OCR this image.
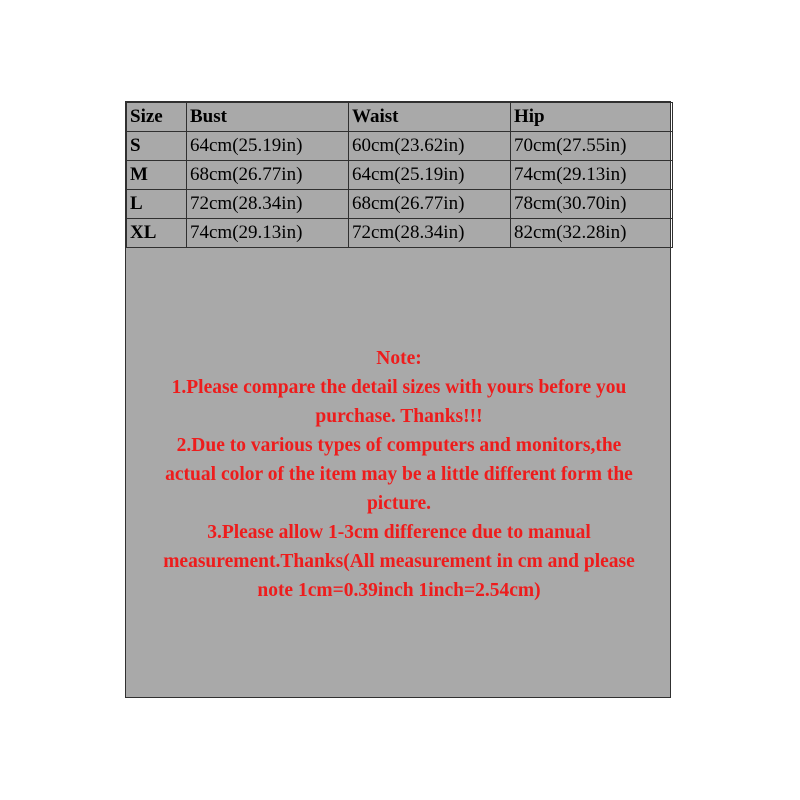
Size	Bust	Waist	Hip
S	64cm(25.19in)	60cm(23.62in)	70cm(27.55in)
M	68cm(26.77in)	64cm(25.19in)	74cm(29.13in)
L	72cm(28.34in)	68cm(26.77in)	78cm(30.70in)
XL	74cm(29.13in)	72cm(28.34in)	82cm(32.28in)
Note:
1.Please compare the detail sizes with yours before you
purchase. Thanks!!!
2.Due to various types of computers and monitors,the
actual color of the item may be a little different form the
picture.
3.Please allow 1-3cm difference due to manual
measurement.Thanks(All measurement in cm and please
note 1cm=0.39inch 1inch=2.54cm)
